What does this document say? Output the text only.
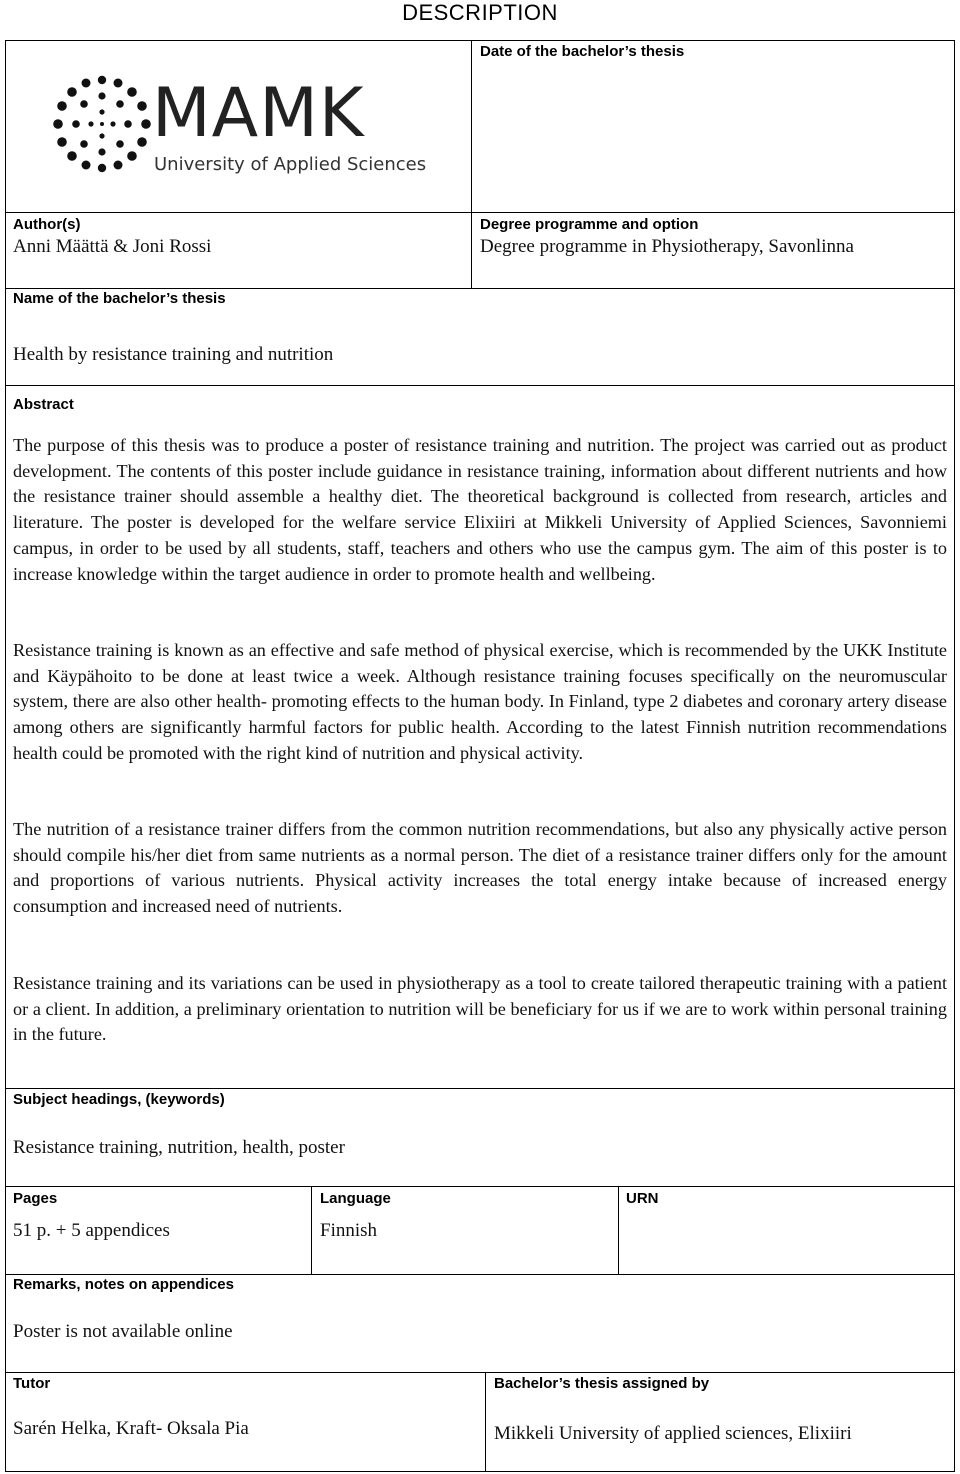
DESCRIPTION
MAMK
University of Applied Sciences
Date of the bachelor’s thesis
Author(s)
Anni Määttä & Joni Rossi
Degree programme and option
Degree programme in Physiotherapy, Savonlinna
Name of the bachelor’s thesis
Health by resistance training and nutrition
Abstract

The purpose of this thesis was to produce a poster of resistance training and nutrition. The project was carried out as product development. The contents of this poster include guidance in resistance training, information about different nutrients and how the resistance trainer should assemble a healthy diet. The theoretical background is collected from research, articles and literature. The poster is developed for the welfare service Elixiiri at Mikkeli University of Applied Sciences, Savonniemi campus, in order to be used by all students, staff, teachers and others who use the campus gym. The aim of this poster is to increase knowledge within the target audience in order to promote health and wellbeing.

Resistance training is known as an effective and safe method of physical exercise, which is recommended by the UKK Institute and Käypähoito to be done at least twice a week. Although resistance training focuses specifically on the neuromuscular system, there are also other health- promoting effects to the human body. In Finland, type 2 diabetes and coronary artery disease among others are significantly harmful factors for public health. According to the latest Finnish nutrition recommendations health could be promoted with the right kind of nutrition and physical activity.

The nutrition of a resistance trainer differs from the common nutrition recommendations, but also any physically active person should compile his/her diet from same nutrients as a normal person. The diet of a resistance trainer differs only for the amount and proportions of various nutrients. Physical activity increases the total energy intake because of increased energy consumption and increased need of nutrients.

Resistance training and its variations can be used in physiotherapy as a tool to create tailored therapeutic training with a patient or a client. In addition, a preliminary orientation to nutrition will be beneficiary for us if we are to work within personal training in the future.

Subject headings, (keywords)
Resistance training, nutrition, health, poster
Pages
51 p. + 5 appendices
Language
Finnish
URN
Remarks, notes on appendices
Poster is not available online
Tutor
Sarén Helka, Kraft- Oksala Pia
Bachelor’s thesis assigned by
Mikkeli University of applied sciences, Elixiiri
